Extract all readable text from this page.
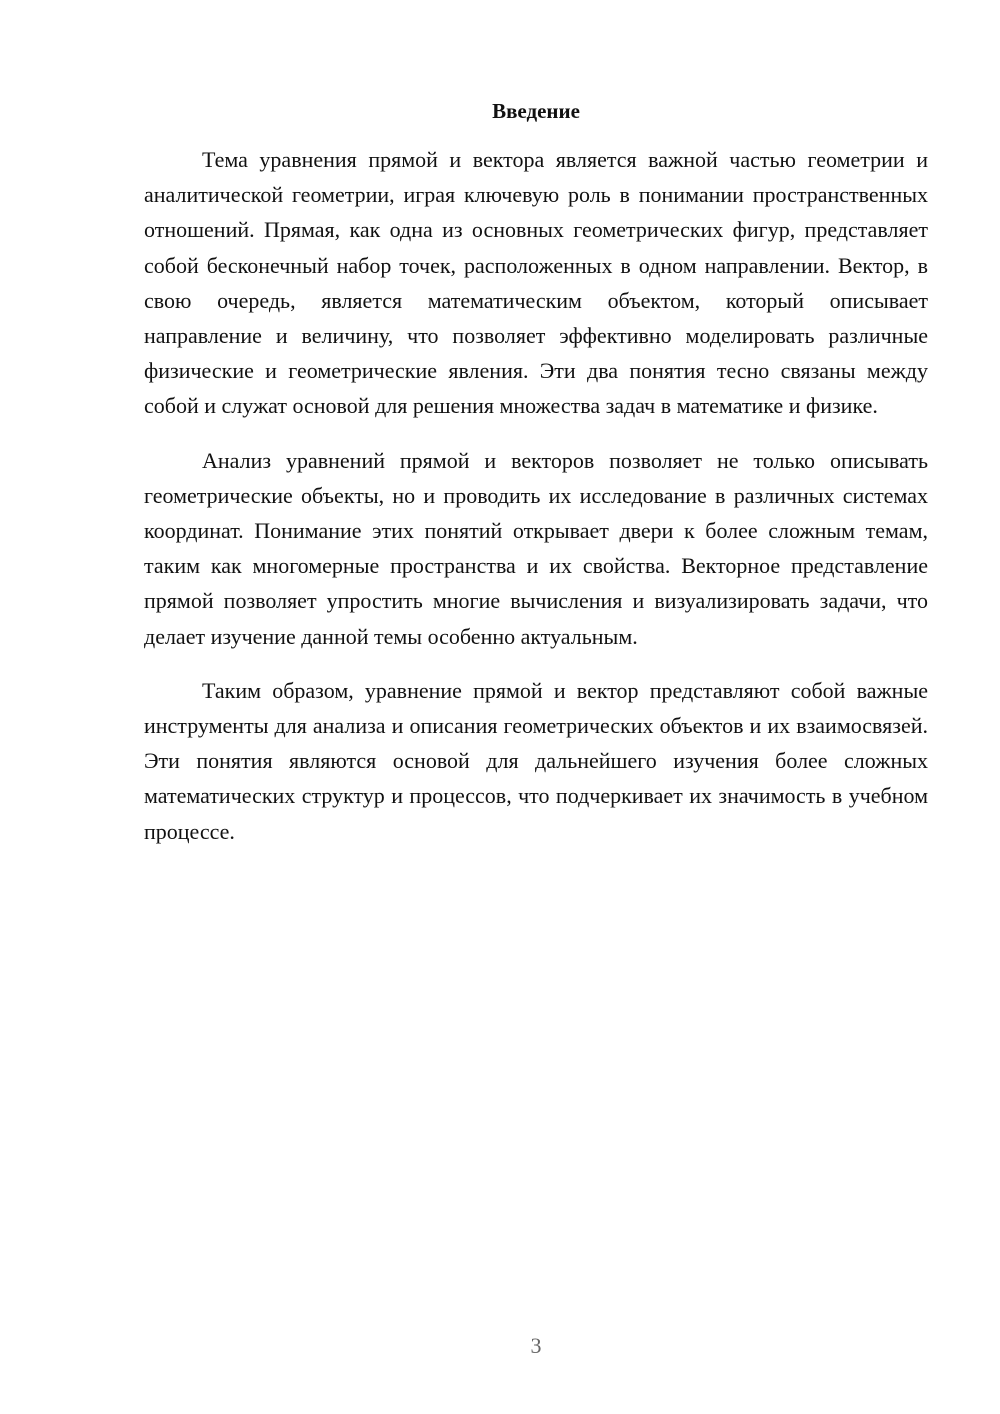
Введение

Тема уравнения прямой и вектора является важной частью геометрии и аналитической геометрии, играя ключевую роль в понимании пространственных отношений. Прямая, как одна из основных геометрических фигур, представляет собой бесконечный набор точек, расположенных в одном направлении. Вектор, в свою очередь, является математическим объектом, который описывает направление и величину, что позволяет эффективно моделировать различные физические и геометрические явления. Эти два понятия тесно связаны между собой и служат основой для решения множества задач в математике и физике.

Анализ уравнений прямой и векторов позволяет не только описывать геометрические объекты, но и проводить их исследование в различных системах координат. Понимание этих понятий открывает двери к более сложным темам, таким как многомерные пространства и их свойства. Векторное представление прямой позволяет упростить многие вычисления и визуализировать задачи, что делает изучение данной темы особенно актуальным.

Таким образом, уравнение прямой и вектор представляют собой важные инструменты для анализа и описания геометрических объектов и их взаимосвязей. Эти понятия являются основой для дальнейшего изучения более сложных математических структур и процессов, что подчеркивает их значимость в учебном процессе.

3
